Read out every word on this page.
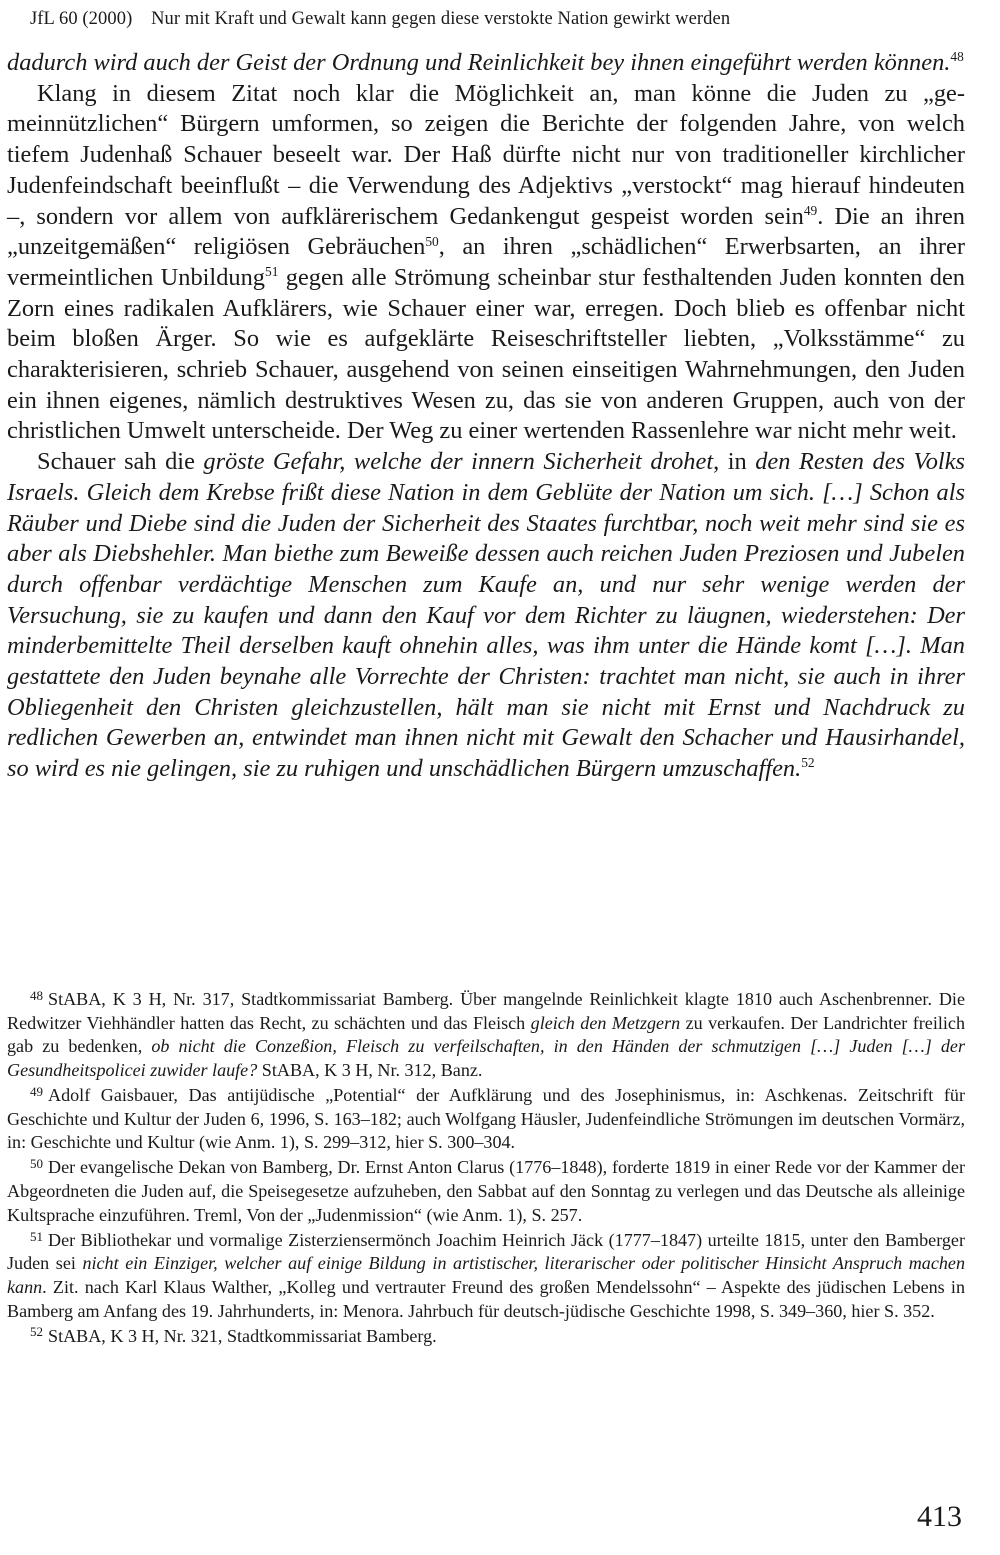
JfL 60 (2000) Nur mit Kraft und Gewalt kann gegen diese verstokte Nation gewirkt werden

dadurch wird auch der Geist der Ordnung und Reinlichkeit bey ihnen eingeführt werden können.$^{48}$

Klang in diesem Zitat noch klar die Möglichkeit an, man könne die Juden zu „gemeinnützlichen“ Bürgern umformen, so zeigen die Berichte der folgenden Jahre, von welch tiefem Judenhaß Schauer beseelt war. Der Haß dürfte nicht nur von traditioneller kirchlicher Judenfeindschaft beeinflußt – die Verwendung des Adjektivs „verstockt“ mag hierauf hindeuten –, sondern vor allem von aufklärerischem Gedankengut gespeist worden sein$^{49}$. Die an ihren „unzeitgemäßen“ religiösen Gebräuchen$^{50}$, an ihren „schädlichen“ Erwerbsarten, an ihrer vermeintlichen Unbildung$^{51}$ gegen alle Strömung scheinbar stur festhaltenden Juden konnten den Zorn eines radikalen Aufklärers, wie Schauer einer war, erregen. Doch blieb es offenbar nicht beim bloßen Ärger. So wie es aufgeklärte Reiseschriftsteller liebten, „Volksstämme“ zu charakterisieren, schrieb Schauer, ausgehend von seinen einseitigen Wahrnehmungen, den Juden ein ihnen eigenes, nämlich destruktives Wesen zu, das sie von anderen Gruppen, auch von der christlichen Umwelt unterscheide. Der Weg zu einer wertenden Rassenlehre war nicht mehr weit.

Schauer sah die gröste Gefahr, welche der innern Sicherheit drohet, in den Resten des Volks Israels. Gleich dem Krebse frißt diese Nation in dem Geblüte der Nation um sich. […] Schon als Räuber und Diebe sind die Juden der Sicherheit des Staates furchtbar, noch weit mehr sind sie es aber als Diebshehler. Man biethe zum Beweiße dessen auch reichen Juden Preziosen und Jubelen durch offenbar verdächtige Menschen zum Kaufe an, und nur sehr wenige werden der Versuchung, sie zu kaufen und dann den Kauf vor dem Richter zu läugnen, wiederstehen: Der minderbemittelte Theil derselben kauft ohnehin alles, was ihm unter die Hände komt […]. Man gestattete den Juden beynahe alle Vorrechte der Christen: trachtet man nicht, sie auch in ihrer Obliegenheit den Christen gleichzustellen, hält man sie nicht mit Ernst und Nachdruck zu redlichen Gewerben an, entwindet man ihnen nicht mit Gewalt den Schacher und Hausirhandel, so wird es nie gelingen, sie zu ruhigen und unschädlichen Bürgern umzuschaffen.$^{52}$

$^{48}$ StABA, K 3 H, Nr. 317, Stadtkommissariat Bamberg. Über mangelnde Reinlichkeit klagte 1810 auch Aschenbrenner. Die Redwitzer Viehhändler hatten das Recht, zu schächten und das Fleisch gleich den Metzgern zu verkaufen. Der Landrichter freilich gab zu bedenken, ob nicht die Conzeßion, Fleisch zu verfeilschaften, in den Händen der schmutzigen […] Juden […] der Gesundheitspolicei zuwider laufe? StABA, K 3 H, Nr. 312, Banz.

$^{49}$ Adolf Gaisbauer, Das antijüdische „Potential“ der Aufklärung und des Josephinismus, in: Aschkenas. Zeitschrift für Geschichte und Kultur der Juden 6, 1996, S. 163–182; auch Wolfgang Häusler, Judenfeindliche Strömungen im deutschen Vormärz, in: Geschichte und Kultur (wie Anm. 1), S. 299–312, hier S. 300–304.

$^{50}$ Der evangelische Dekan von Bamberg, Dr. Ernst Anton Clarus (1776–1848), forderte 1819 in einer Rede vor der Kammer der Abgeordneten die Juden auf, die Speisegesetze aufzuheben, den Sabbat auf den Sonntag zu verlegen und das Deutsche als alleinige Kultsprache einzuführen. Treml, Von der „Judenmission“ (wie Anm. 1), S. 257.

$^{51}$ Der Bibliothekar und vormalige Zisterziensermönch Joachim Heinrich Jäck (1777–1847) urteilte 1815, unter den Bamberger Juden sei nicht ein Einziger, welcher auf einige Bildung in artistischer, literarischer oder politischer Hinsicht Anspruch machen kann. Zit. nach Karl Klaus Walther, „Kolleg und vertrauter Freund des großen Mendelssohn“ – Aspekte des jüdischen Lebens in Bamberg am Anfang des 19. Jahrhunderts, in: Menora. Jahrbuch für deutsch-jüdische Geschichte 1998, S. 349–360, hier S. 352.

$^{52}$ StABA, K 3 H, Nr. 321, Stadtkommissariat Bamberg.

413
